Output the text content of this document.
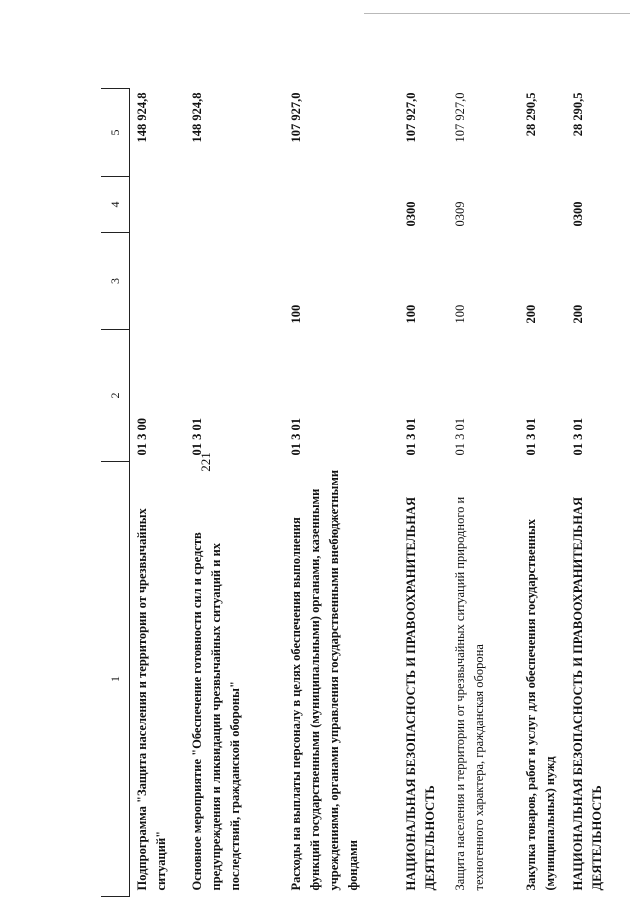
221
1	2	3	4	5
Подпрограмма "Защита населения и территории от чрезвычайных ситуаций"	01 3 00			148 924,8
Основное мероприятие "Обеспечение готовности сил и средств предупреждения и ликвидации чрезвычайных ситуаций и их последствий, гражданской обороны"	01 3 01			148 924,8
Расходы на выплаты персоналу в целях обеспечения выполнения функций государственными (муниципальными) органами, казенными учреждениями, органами управления государственными внебюджетными фондами	01 3 01	100		107 927,0
НАЦИОНАЛЬНАЯ БЕЗОПАСНОСТЬ И ПРАВООХРАНИТЕЛЬНАЯ ДЕЯТЕЛЬНОСТЬ	01 3 01	100	0300	107 927,0
Защита населения и территории от чрезвычайных ситуаций природного и техногенного характера, гражданская оборона	01 3 01	100	0309	107 927,0
Закупка товаров, работ и услуг для обеспечения государственных (муниципальных) нужд	01 3 01	200		28 290,5
НАЦИОНАЛЬНАЯ БЕЗОПАСНОСТЬ И ПРАВООХРАНИТЕЛЬНАЯ ДЕЯТЕЛЬНОСТЬ	01 3 01	200	0300	28 290,5
